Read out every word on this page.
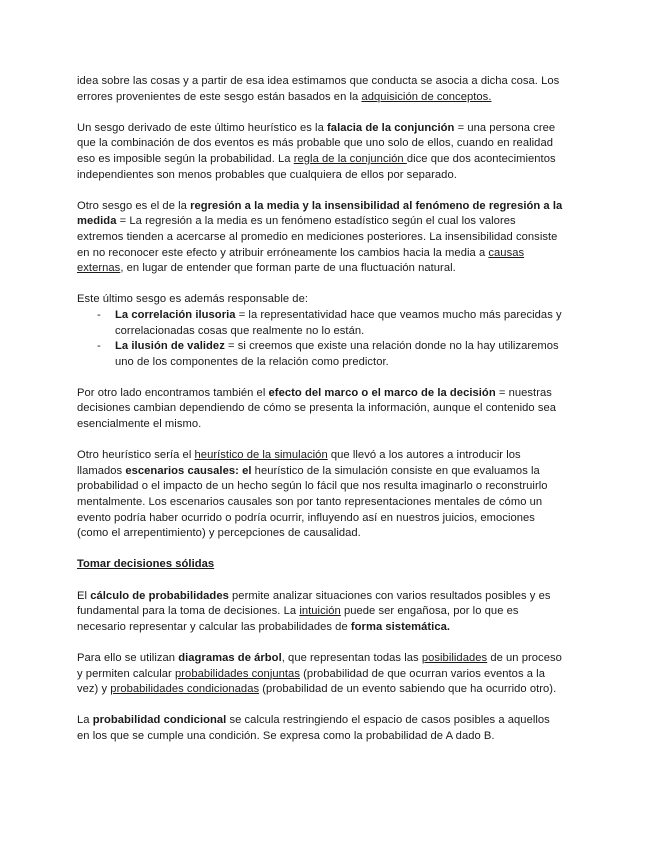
idea sobre las cosas y a partir de esa idea estimamos que conducta se asocia a dicha cosa. Los errores provenientes de este sesgo están basados en la adquisición de conceptos.

Un sesgo derivado de este último heurístico es la falacia de la conjunción = una persona cree que la combinación de dos eventos es más probable que uno solo de ellos, cuando en realidad eso es imposible según la probabilidad. La regla de la conjunción dice que dos acontecimientos independientes son menos probables que cualquiera de ellos por separado.

Otro sesgo es el de la regresión a la media y la insensibilidad al fenómeno de regresión a la medida = La regresión a la media es un fenómeno estadístico según el cual los valores extremos tienden a acercarse al promedio en mediciones posteriores. La insensibilidad consiste en no reconocer este efecto y atribuir erróneamente los cambios hacia la media a causas externas, en lugar de entender que forman parte de una fluctuación natural.

Este último sesgo es además responsable de:
- La correlación ilusoria = la representatividad hace que veamos mucho más parecidas y correlacionadas cosas que realmente no lo están.
- La ilusión de validez = si creemos que existe una relación donde no la hay utilizaremos uno de los componentes de la relación como predictor.

Por otro lado encontramos también el efecto del marco o el marco de la decisión = nuestras decisiones cambian dependiendo de cómo se presenta la información, aunque el contenido sea esencialmente el mismo.

Otro heurístico sería el heurístico de la simulación que llevó a los autores a introducir los llamados escenarios causales: el heurístico de la simulación consiste en que evaluamos la probabilidad o el impacto de un hecho según lo fácil que nos resulta imaginarlo o reconstruirlo mentalmente. Los escenarios causales son por tanto representaciones mentales de cómo un evento podría haber ocurrido o podría ocurrir, influyendo así en nuestros juicios, emociones (como el arrepentimiento) y percepciones de causalidad.

Tomar decisiones sólidas

El cálculo de probabilidades permite analizar situaciones con varios resultados posibles y es fundamental para la toma de decisiones. La intuición puede ser engañosa, por lo que es necesario representar y calcular las probabilidades de forma sistemática.

Para ello se utilizan diagramas de árbol, que representan todas las posibilidades de un proceso y permiten calcular probabilidades conjuntas (probabilidad de que ocurran varios eventos a la vez) y probabilidades condicionadas (probabilidad de un evento sabiendo que ha ocurrido otro).

La probabilidad condicional se calcula restringiendo el espacio de casos posibles a aquellos en los que se cumple una condición. Se expresa como la probabilidad de A dado B.
